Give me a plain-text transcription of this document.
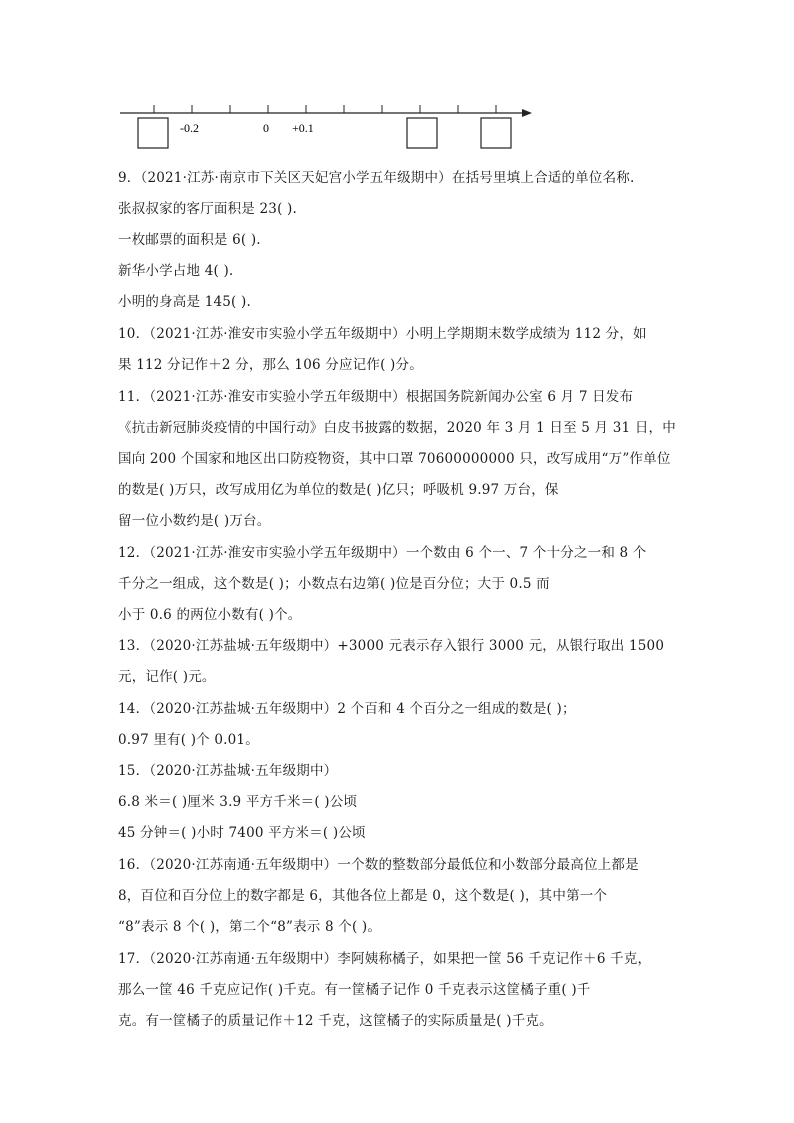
-0.2	0 +0.1
9．（2021·江苏·南京市下关区天妃宫小学五年级期中）在括号里填上合适的单位名称.
张叔叔家的客厅面积是 23( ).
一枚邮票的面积是 6( ).
新华小学占地 4( ).
小明的身高是 145( ).
10．（2021·江苏·淮安市实验小学五年级期中）小明上学期期末数学成绩为 112 分，如
果 112 分记作＋2 分，那么 106 分应记作( )分。
11．（2021·江苏·淮安市实验小学五年级期中）根据国务院新闻办公室 6 月 7 日发布
《抗击新冠肺炎疫情的中国行动》白皮书披露的数据，2020 年 3 月 1 日至 5 月 31 日，中
国向 200 个国家和地区出口防疫物资，其中口罩 70600000000 只，改写成用“万”作单位
的数是( )万只，改写成用亿为单位的数是( )亿只；呼吸机 9.97 万台，保
留一位小数约是( )万台。
12．（2021·江苏·淮安市实验小学五年级期中）一个数由 6 个一、7 个十分之一和 8 个
千分之一组成，这个数是( )；小数点右边第( )位是百分位；大于 0.5 而
小于 0.6 的两位小数有( )个。
13．（2020·江苏盐城·五年级期中）+3000 元表示存入银行 3000 元，从银行取出 1500
元，记作( )元。
14．（2020·江苏盐城·五年级期中）2 个百和 4 个百分之一组成的数是( )；
0.97 里有( )个 0.01。
15．（2020·江苏盐城·五年级期中）
6.8 米＝( )厘米 3.9 平方千米＝( )公顷
45 分钟＝( )小时 7400 平方米＝( )公顷
16．（2020·江苏南通·五年级期中）一个数的整数部分最低位和小数部分最高位上都是
8，百位和百分位上的数字都是 6，其他各位上都是 0，这个数是( )，其中第一个
“8”表示 8 个( )，第二个“8”表示 8 个( )。
17．（2020·江苏南通·五年级期中）李阿姨称橘子，如果把一筐 56 千克记作＋6 千克，
那么一筐 46 千克应记作( )千克。有一筐橘子记作 0 千克表示这筐橘子重( )千
克。有一筐橘子的质量记作＋12 千克，这筐橘子的实际质量是( )千克。
